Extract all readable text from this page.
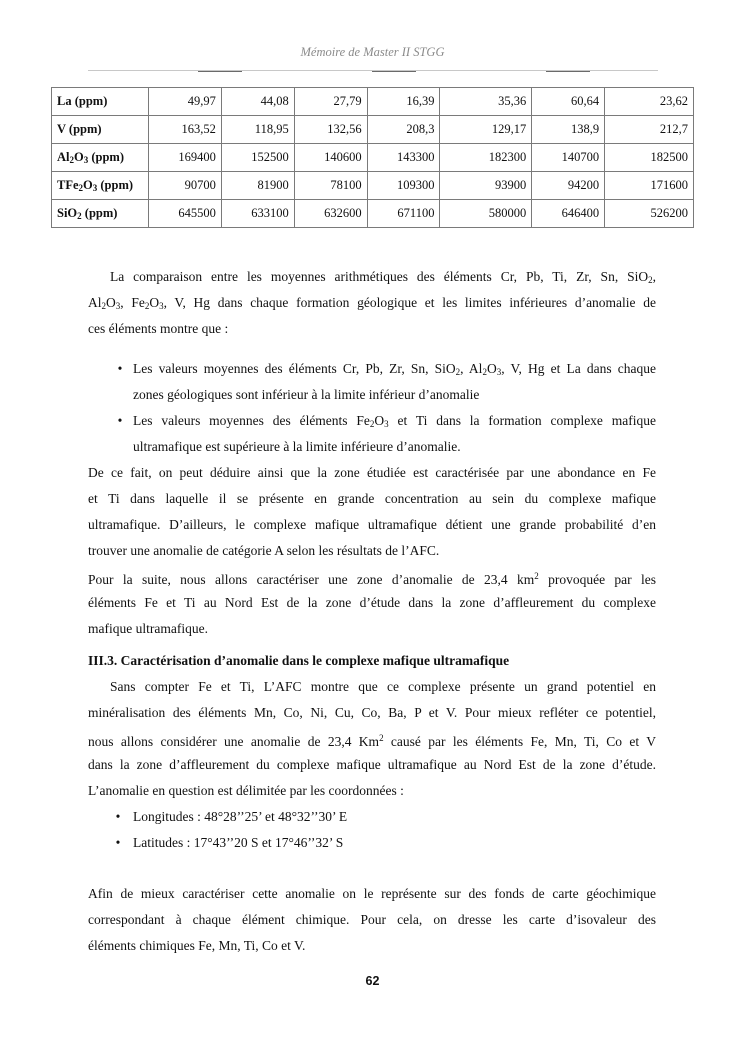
Mémoire de Master II STGG
La (ppm)	49,97	44,08	27,79	16,39	35,36	60,64	23,62
V (ppm)	163,52	118,95	132,56	208,3	129,17	138,9	212,7
$Al_2O_3$ (ppm)	169400	152500	140600	143300	182300	140700	182500
$TFe_2O_3$ (ppm)	90700	81900	78100	109300	93900	94200	171600
SiO$_2$ (ppm)	645500	633100	632600	671100	580000	646400	526200
La comparaison entre les moyennes arithmétiques des éléments Cr, Pb, Ti, Zr, Sn, SiO$_2$,
$Al_2O_3$, $Fe_2O_3$, V, Hg dans chaque formation géologique et les limites inférieures d’anomalie de
ces éléments montre que :
• Les valeurs moyennes des éléments Cr, Pb, Zr, Sn, SiO$_2$, $Al_2O_3$, V, Hg et La dans chaque
zones géologiques sont inférieur à la limite inférieur d’anomalie
• Les valeurs moyennes des éléments $Fe_2O_3$ et Ti dans la formation complexe mafique
ultramafique est supérieure à la limite inférieure d’anomalie.
De ce fait, on peut déduire ainsi que la zone étudiée est caractérisée par une abondance en Fe
et Ti dans laquelle il se présente en grande concentration au sein du complexe mafique
ultramafique. D’ailleurs, le complexe mafique ultramafique détient une grande probabilité d’en
trouver une anomalie de catégorie A selon les résultats de l’AFC.
Pour la suite, nous allons caractériser une zone d’anomalie de 23,4 $km^2$ provoquée par les
éléments Fe et Ti au Nord Est de la zone d’étude dans la zone d’affleurement du complexe
mafique ultramafique.
III.3. Caractérisation d’anomalie dans le complexe mafique ultramafique
Sans compter Fe et Ti, L’AFC montre que ce complexe présente un grand potentiel en
minéralisation des éléments Mn, Co, Ni, Cu, Co, Ba, P et V. Pour mieux refléter ce potentiel,
nous allons considérer une anomalie de 23,4 Km$^2$ causé par les éléments Fe, Mn, Ti, Co et V
dans la zone d’affleurement du complexe mafique ultramafique au Nord Est de la zone d’étude.
L’anomalie en question est délimitée par les coordonnées :
• Longitudes : 48°28’’25’ et 48°32’’30’ E
• Latitudes : 17°43’’20 S et 17°46’’32’ S
Afin de mieux caractériser cette anomalie on le représente sur des fonds de carte géochimique
correspondant à chaque élément chimique. Pour cela, on dresse les carte d’isovaleur des
éléments chimiques Fe, Mn, Ti, Co et V.
62
